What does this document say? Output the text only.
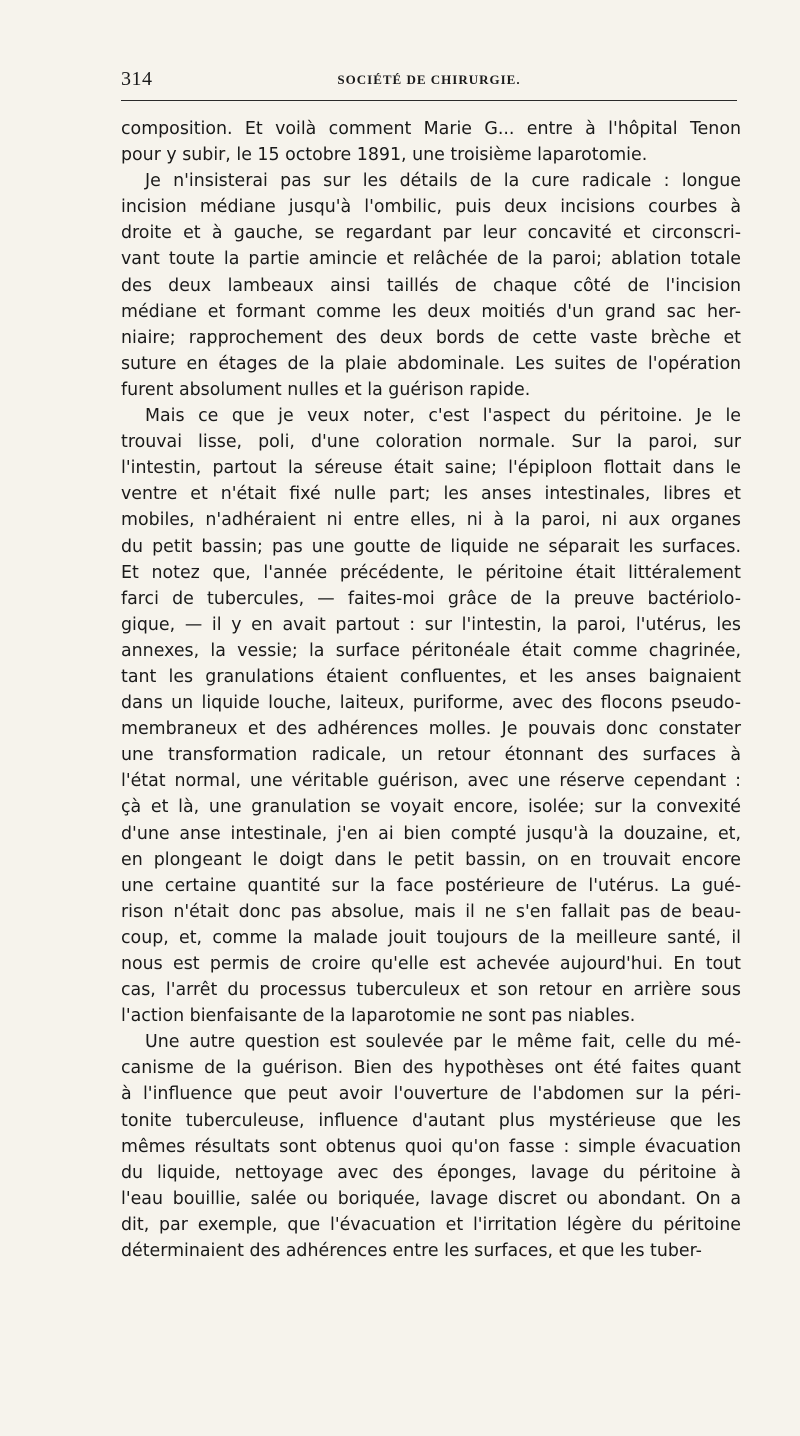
314	SOCIÉTÉ DE CHIRURGIE.
composition. Et voilà comment Marie G... entre à l'hôpital Tenon
pour y subir, le 15 octobre 1891, une troisième laparotomie.
Je n'insisterai pas sur les détails de la cure radicale : longue
incision médiane jusqu'à l'ombilic, puis deux incisions courbes à
droite et à gauche, se regardant par leur concavité et circonscri-
vant toute la partie amincie et relâchée de la paroi; ablation totale
des deux lambeaux ainsi taillés de chaque côté de l'incision
médiane et formant comme les deux moitiés d'un grand sac her-
niaire; rapprochement des deux bords de cette vaste brèche et
suture en étages de la plaie abdominale. Les suites de l'opération
furent absolument nulles et la guérison rapide.
Mais ce que je veux noter, c'est l'aspect du péritoine. Je le
trouvai lisse, poli, d'une coloration normale. Sur la paroi, sur
l'intestin, partout la séreuse était saine; l'épiploon flottait dans le
ventre et n'était fixé nulle part; les anses intestinales, libres et
mobiles, n'adhéraient ni entre elles, ni à la paroi, ni aux organes
du petit bassin; pas une goutte de liquide ne séparait les surfaces.
Et notez que, l'année précédente, le péritoine était littéralement
farci de tubercules, — faites-moi grâce de la preuve bactériolo-
gique, — il y en avait partout : sur l'intestin, la paroi, l'utérus, les
annexes, la vessie; la surface péritonéale était comme chagrinée,
tant les granulations étaient confluentes, et les anses baignaient
dans un liquide louche, laiteux, puriforme, avec des flocons pseudo-
membraneux et des adhérences molles. Je pouvais donc constater
une transformation radicale, un retour étonnant des surfaces à
l'état normal, une véritable guérison, avec une réserve cependant :
çà et là, une granulation se voyait encore, isolée; sur la convexité
d'une anse intestinale, j'en ai bien compté jusqu'à la douzaine, et,
en plongeant le doigt dans le petit bassin, on en trouvait encore
une certaine quantité sur la face postérieure de l'utérus. La gué-
rison n'était donc pas absolue, mais il ne s'en fallait pas de beau-
coup, et, comme la malade jouit toujours de la meilleure santé, il
nous est permis de croire qu'elle est achevée aujourd'hui. En tout
cas, l'arrêt du processus tuberculeux et son retour en arrière sous
l'action bienfaisante de la laparotomie ne sont pas niables.
Une autre question est soulevée par le même fait, celle du mé-
canisme de la guérison. Bien des hypothèses ont été faites quant
à l'influence que peut avoir l'ouverture de l'abdomen sur la péri-
tonite tuberculeuse, influence d'autant plus mystérieuse que les
mêmes résultats sont obtenus quoi qu'on fasse : simple évacuation
du liquide, nettoyage avec des éponges, lavage du péritoine à
l'eau bouillie, salée ou boriquée, lavage discret ou abondant. On a
dit, par exemple, que l'évacuation et l'irritation légère du péritoine
déterminaient des adhérences entre les surfaces, et que les tuber-
